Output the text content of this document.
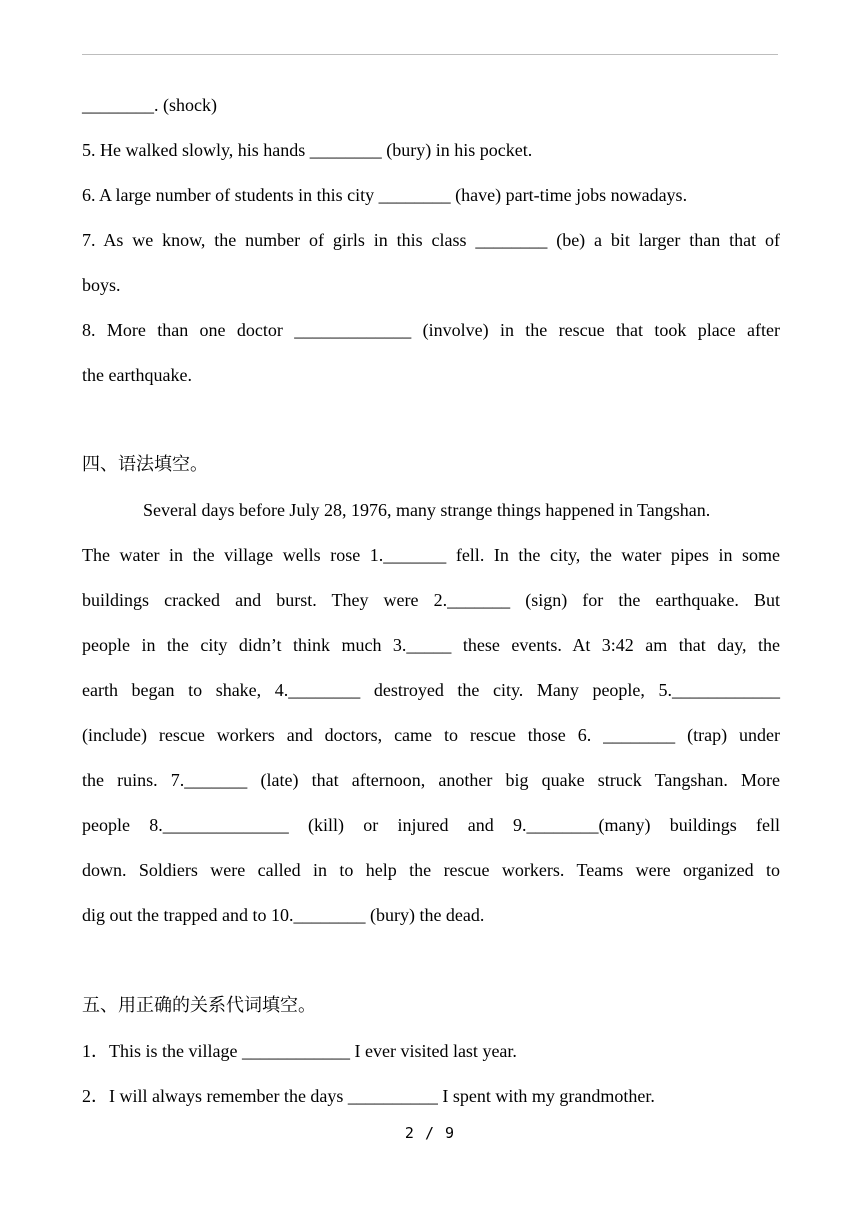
________. (shock)
5. He walked slowly, his hands ________ (bury) in his pocket.
6. A large number of students in this city ________ (have) part-time jobs nowadays.
7. As we know, the number of girls in this class ________ (be) a bit larger than that of
boys.
8. More than one doctor _____________ (involve) in the rescue that took place after
the earthquake.
四、语法填空。
Several days before July 28, 1976, many strange things happened in Tangshan.
The water in the village wells rose 1._______ fell. In the city, the water pipes in some
buildings cracked and burst. They were 2._______ (sign) for the earthquake. But
people in the city didn’t think much 3._____ these events. At 3:42 am that day, the
earth began to shake, 4.________ destroyed the city. Many people, 5.____________
(include) rescue workers and doctors, came to rescue those 6. ________ (trap) under
the ruins. 7._______ (late) that afternoon, another big quake struck Tangshan. More
people 8.______________ (kill) or injured and 9.________(many) buildings fell
down. Soldiers were called in to help the rescue workers. Teams were organized to
dig out the trapped and to 10.________ (bury) the dead.
五、用正确的关系代词填空。
1．This is the village ____________ I ever visited last year.
2．I will always remember the days __________ I spent with my grandmother.
2 / 9
